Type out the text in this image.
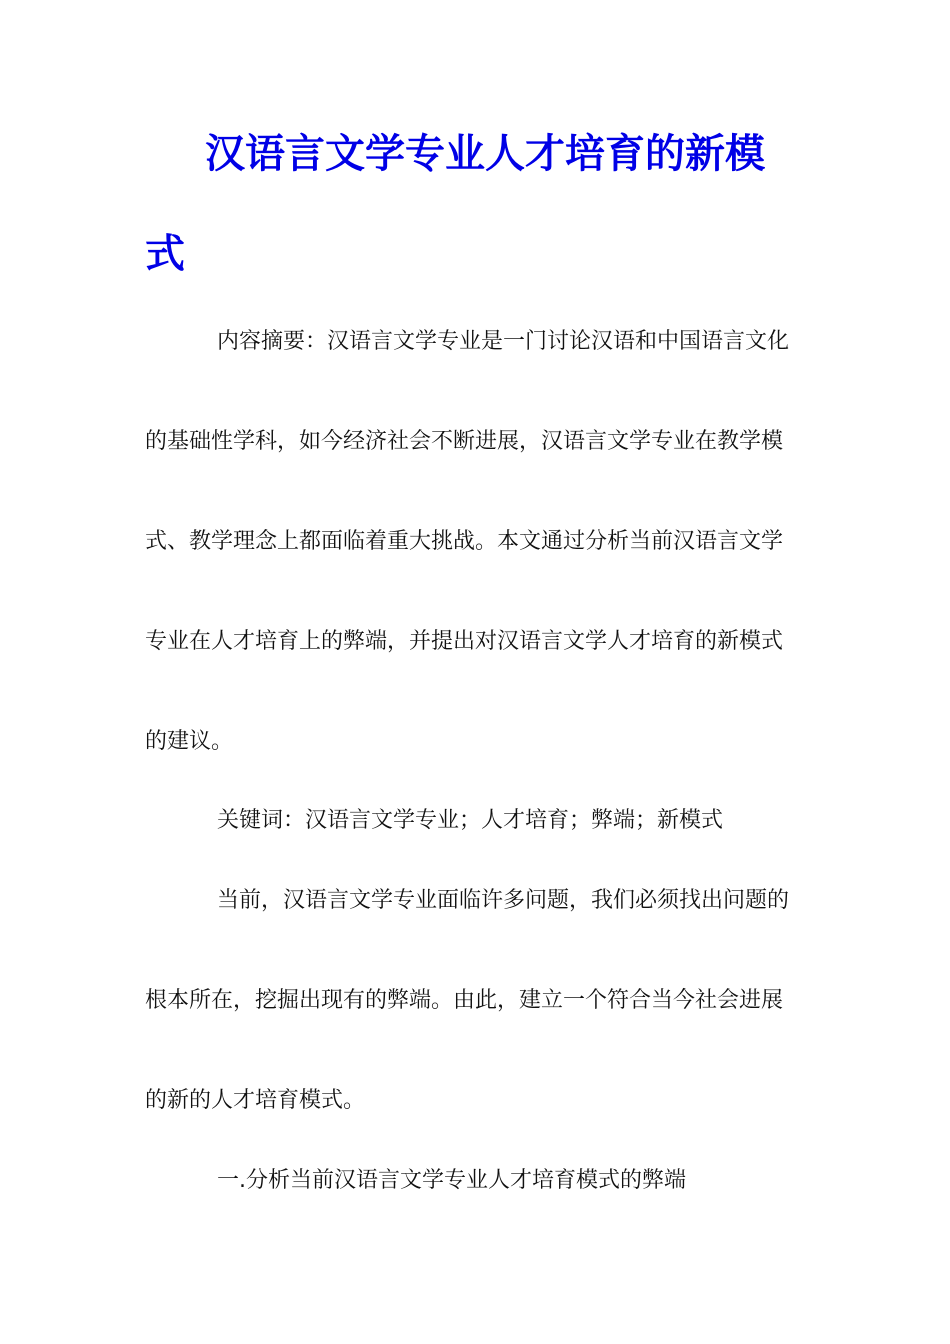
汉语言文学专业人才培育的新模
式

内容摘要：汉语言文学专业是一门讨论汉语和中国语言文化

的基础性学科，如今经济社会不断进展，汉语言文学专业在教学模

式、教学理念上都面临着重大挑战。本文通过分析当前汉语言文学

专业在人才培育上的弊端，并提出对汉语言文学人才培育的新模式

的建议。

关键词：汉语言文学专业；人才培育；弊端；新模式

当前，汉语言文学专业面临许多问题，我们必须找出问题的

根本所在，挖掘出现有的弊端。由此，建立一个符合当今社会进展

的新的人才培育模式。

一.分析当前汉语言文学专业人才培育模式的弊端
